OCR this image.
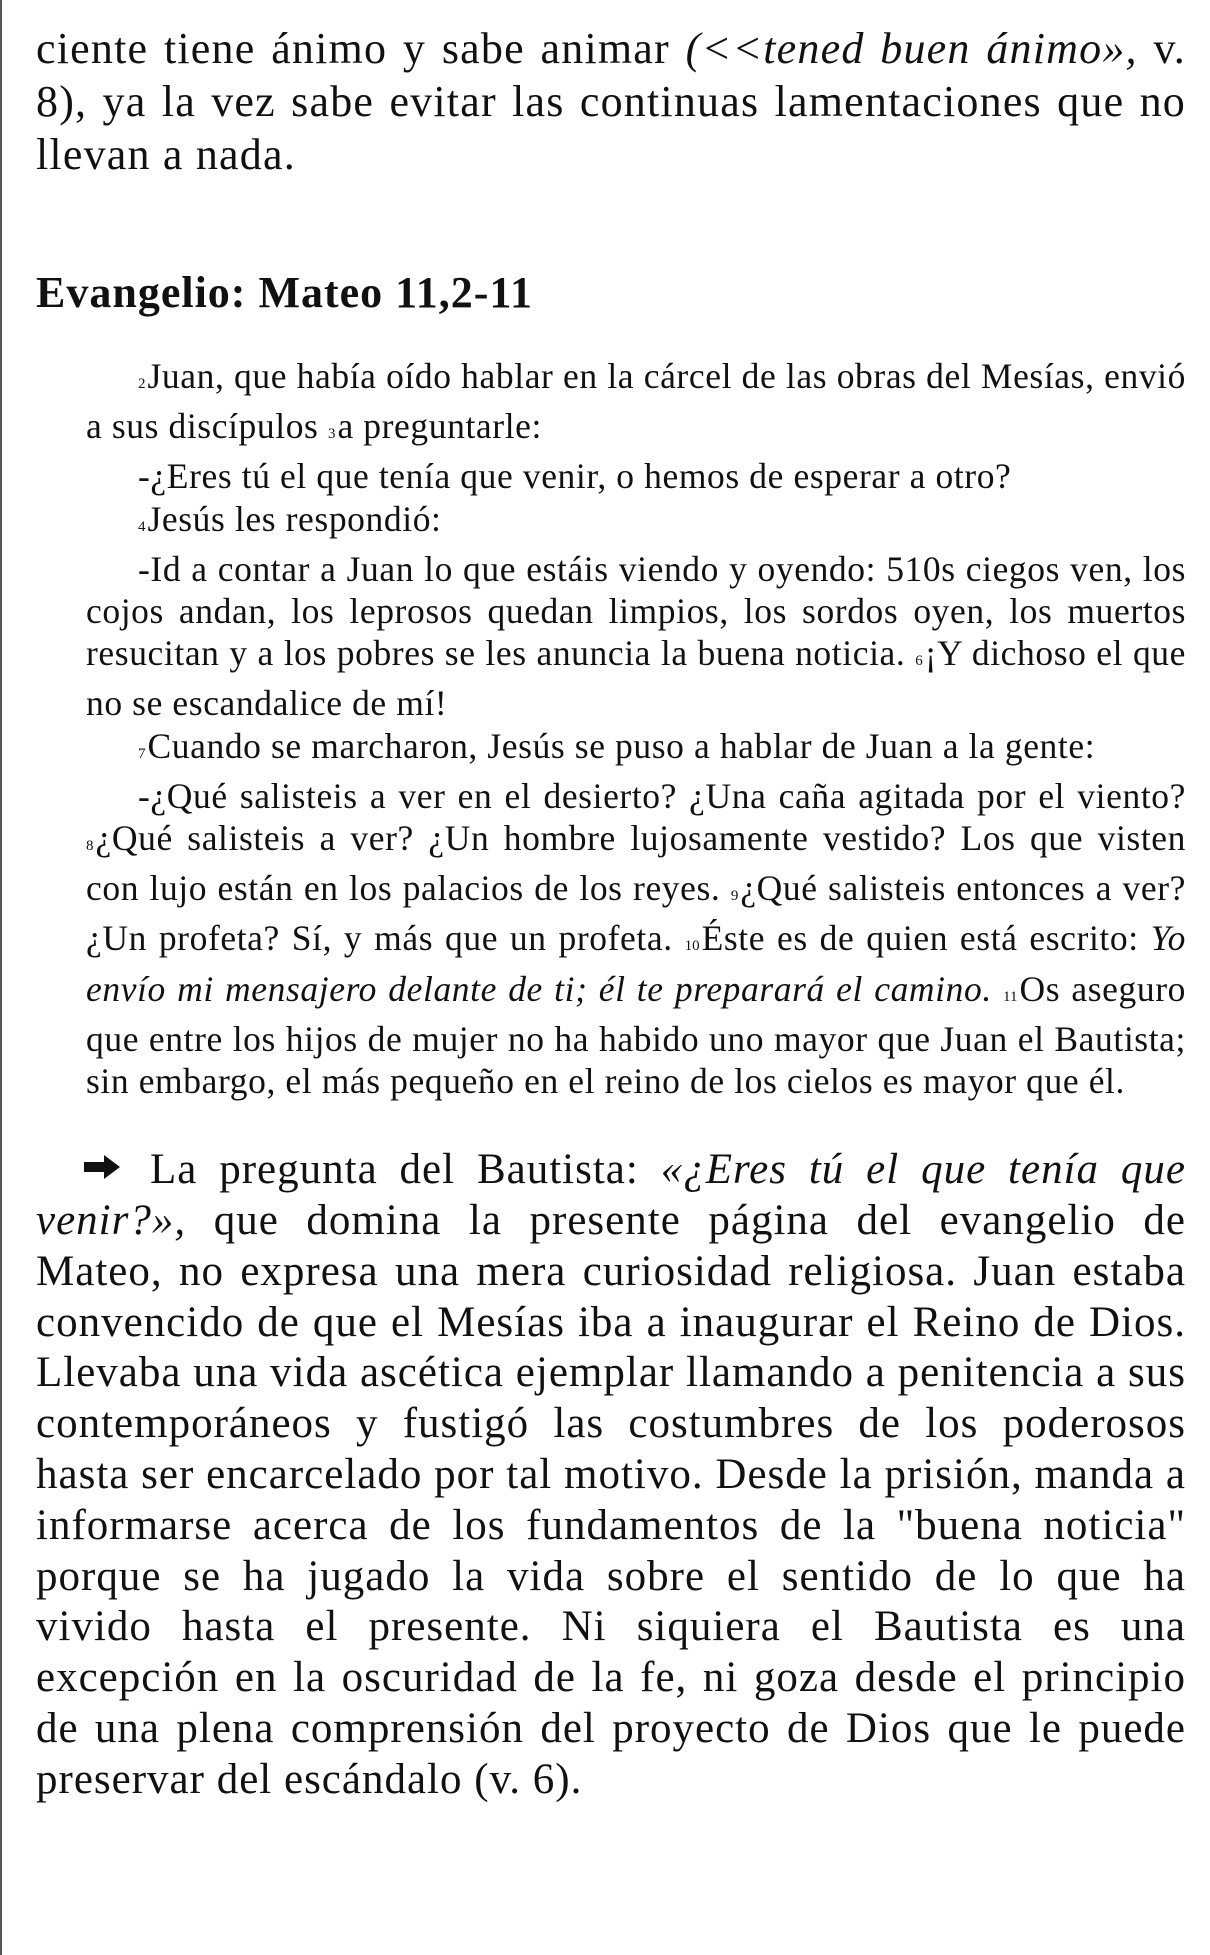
ciente tiene ánimo y sabe animar (<<tened buen ánimo», v. 8), ya la vez sabe evitar las continuas lamentaciones que no llevan a nada.

Evangelio: Mateo 11,2-11

2Juan, que había oído hablar en la cárcel de las obras del Mesías, envió a sus discípulos 3a preguntarle:

-¿Eres tú el que tenía que venir, o hemos de esperar a otro?

4Jesús les respondió:

-Id a contar a Juan lo que estáis viendo y oyendo: 510s ciegos ven, los cojos andan, los leprosos quedan limpios, los sordos oyen, los muertos resucitan y a los pobres se les anuncia la buena noticia. 6¡Y dichoso el que no se escandalice de mí!

7Cuando se marcharon, Jesús se puso a hablar de Juan a la gente:

-¿Qué salisteis a ver en el desierto? ¿Una caña agitada por el viento? 8¿Qué salisteis a ver? ¿Un hombre lujosamente vestido? Los que visten con lujo están en los palacios de los reyes. 9¿Qué salisteis entonces a ver? ¿Un profeta? Sí, y más que un profeta. 10Éste es de quien está escrito: Yo envío mi mensajero delante de ti; él te preparará el camino. 11Os aseguro que entre los hijos de mujer no ha habido uno mayor que Juan el Bautista; sin embargo, el más pequeño en el reino de los cielos es mayor que él.

La pregunta del Bautista: «¿Eres tú el que tenía que venir?», que domina la presente página del evangelio de Mateo, no expresa una mera curiosidad religiosa. Juan estaba convencido de que el Mesías iba a inaugurar el Reino de Dios. Llevaba una vida ascética ejemplar llamando a penitencia a sus contemporáneos y fustigó las costumbres de los poderosos hasta ser encarcelado por tal motivo. Desde la prisión, manda a informarse acerca de los fundamentos de la "buena noticia" porque se ha jugado la vida sobre el sentido de lo que ha vivido hasta el presente. Ni siquiera el Bautista es una excepción en la oscuridad de la fe, ni goza desde el principio de una plena comprensión del proyecto de Dios que le puede preservar del escándalo (v. 6).
